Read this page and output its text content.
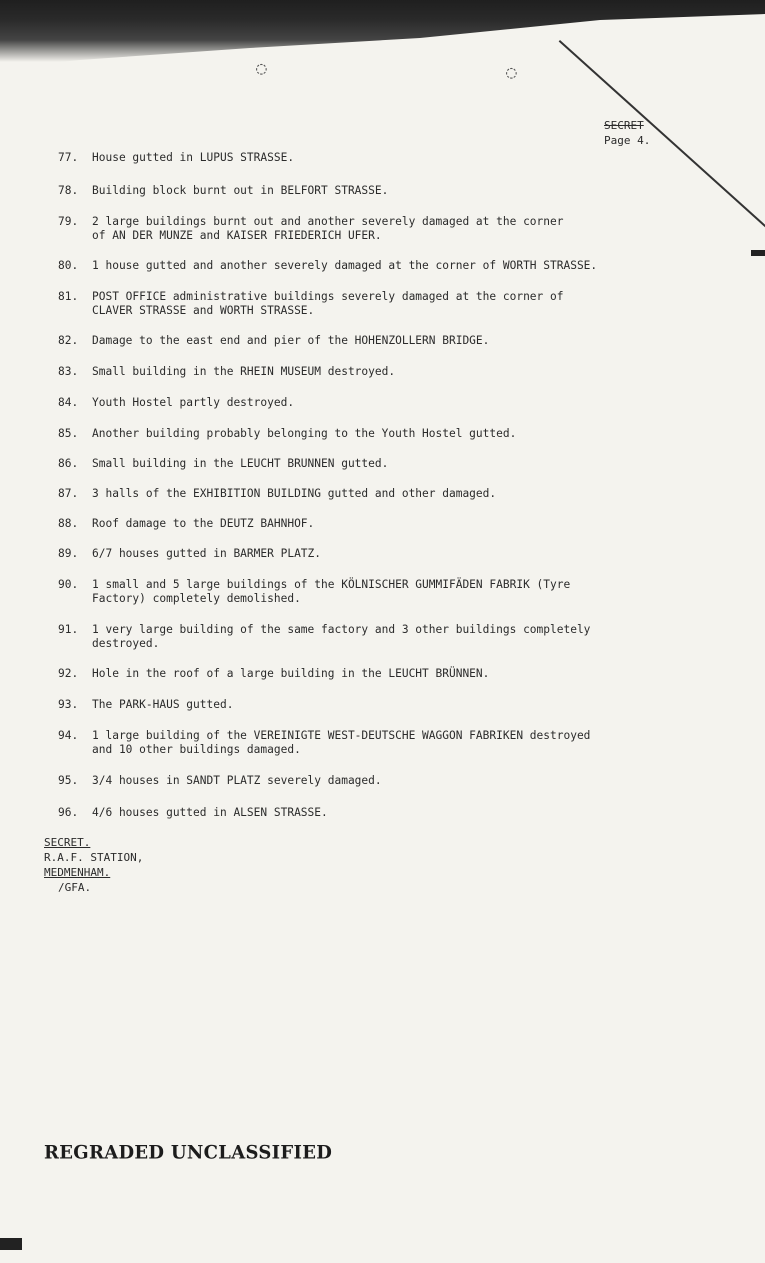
◌	◌
SECRET
Page 4.

77.

	House gutted in LUPUS STRASSE.

78.

	Building block burnt out in BELFORT STRASSE.

79.

	2 large buildings burnt out and another severely damaged at the corner
of AN DER MUNZE and KAISER FRIEDERICH UFER.

80.

	1 house gutted and another severely damaged at the corner of WORTH STRASSE.

81.

	POST OFFICE administrative buildings severely damaged at the corner of
CLAVER STRASSE and WORTH STRASSE.

82.

	Damage to the east end and pier of the HOHENZOLLERN BRIDGE.

83.

	Small building in the RHEIN MUSEUM destroyed.

84.

	Youth Hostel partly destroyed.

85.

	Another building probably belonging to the Youth Hostel gutted.

86.

	Small building in the LEUCHT BRUNNEN gutted.

87.

	3 halls of the EXHIBITION BUILDING gutted and other damaged.

88.

	Roof damage to the DEUTZ BAHNHOF.

89.

	6/7 houses gutted in BARMER PLATZ.

90.

	1 small and 5 large buildings of the KÖLNISCHER GUMMIFÄDEN FABRIK (Tyre
Factory) completely demolished.

91.

	1 very large building of the same factory and 3 other buildings completely
destroyed.

92.

	Hole in the roof of a large building in the LEUCHT BRÜNNEN.

93.

	The PARK-HAUS gutted.

94.

	1 large building of the VEREINIGTE WEST-DEUTSCHE WAGGON FABRIKEN destroyed
and 10 other buildings damaged.

95.

	3/4 houses in SANDT PLATZ severely damaged.

96.

	4/6 houses gutted in ALSEN STRASSE.

SECRET.
R.A.F. STATION,
MEDMENHAM.
/GFA.
REGRADED UNCLASSIFIED
